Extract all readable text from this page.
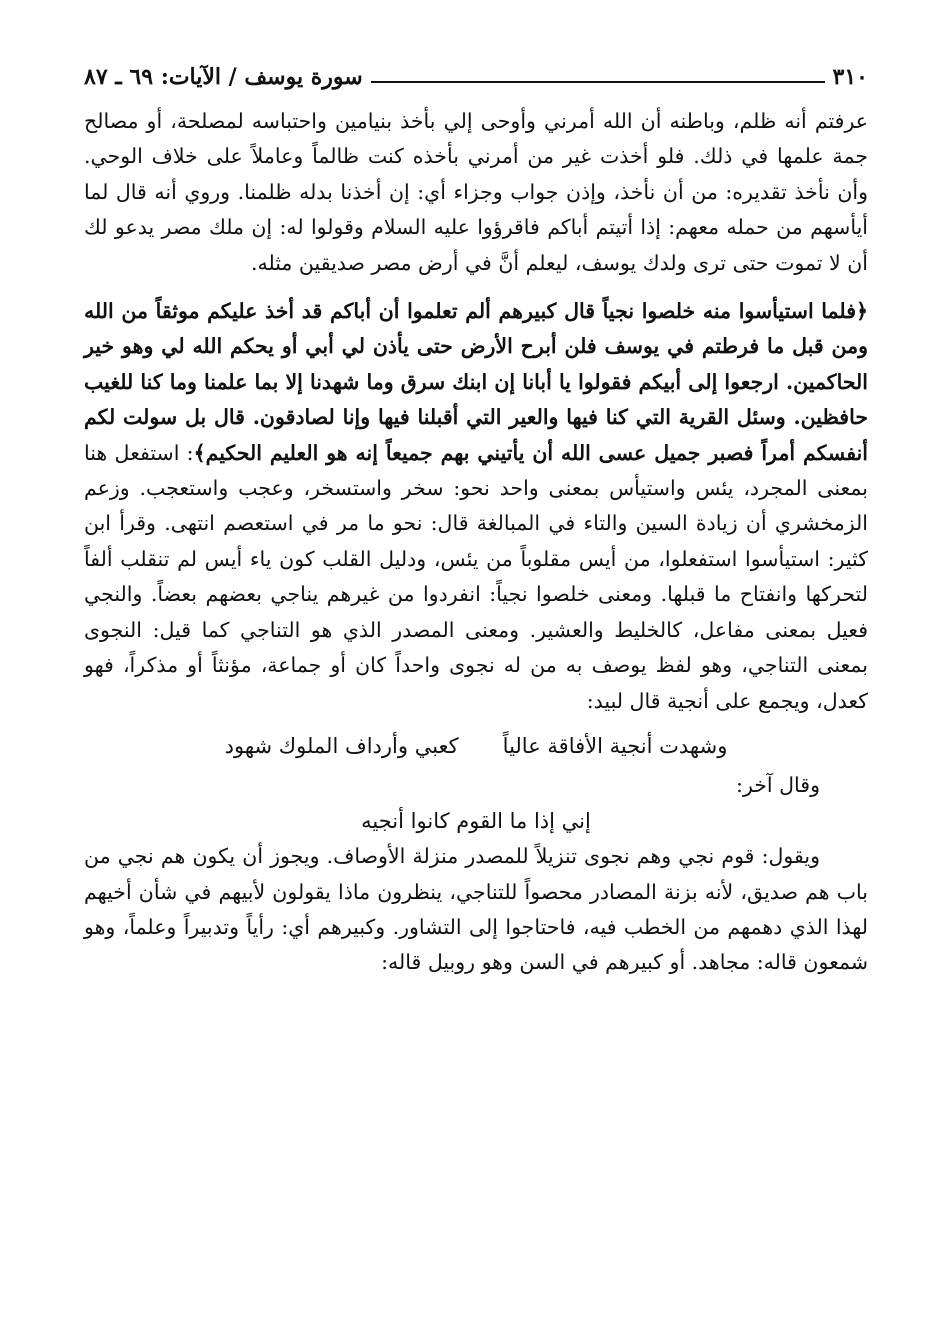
٣١٠
سورة يوسف / الآيات: ٦٩ ـ ٨٧

عرفتم أنه ظلم، وباطنه أن الله أمرني وأوحى إلي بأخذ بنيامين واحتباسه لمصلحة، أو مصالح جمة علمها في ذلك. فلو أخذت غير من أمرني بأخذه كنت ظالماً وعاملاً على خلاف الوحي. وأن نأخذ تقديره: من أن نأخذ، وإذن جواب وجزاء أي: إن أخذنا بدله ظلمنا. وروي أنه قال لما أيأسهم من حمله معهم: إذا أتيتم أباكم فاقرؤوا عليه السلام وقولوا له: إن ملك مصر يدعو لك أن لا تموت حتى ترى ولدك يوسف، ليعلم أنَّ في أرض مصر صديقين مثله.

﴿فلما استيأسوا منه خلصوا نجياً قال كبيرهم ألم تعلموا أن أباكم قد أخذ عليكم موثقاً من الله ومن قبل ما فرطتم في يوسف فلن أبرح الأرض حتى يأذن لي أبي أو يحكم الله لي وهو خير الحاكمين. ارجعوا إلى أبيكم فقولوا يا أبانا إن ابنك سرق وما شهدنا إلا بما علمنا وما كنا للغيب حافظين. وسئل القرية التي كنا فيها والعير التي أقبلنا فيها وإنا لصادقون. قال بل سولت لكم أنفسكم أمراً فصبر جميل عسى الله أن يأتيني بهم جميعاً إنه هو العليم الحكيم﴾: استفعل هنا بمعنى المجرد، يئس واستيأس بمعنى واحد نحو: سخر واستسخر، وعجب واستعجب. وزعم الزمخشري أن زيادة السين والتاء في المبالغة قال: نحو ما مر في استعصم انتهى. وقرأ ابن كثير: استيأسوا استفعلوا، من أيس مقلوباً من يئس، ودليل القلب كون ياء أيس لم تنقلب ألفاً لتحركها وانفتاح ما قبلها. ومعنى خلصوا نجياً: انفردوا من غيرهم يناجي بعضهم بعضاً. والنجي فعيل بمعنى مفاعل، كالخليط والعشير. ومعنى المصدر الذي هو التناجي كما قيل: النجوى بمعنى التناجي، وهو لفظ يوصف به من له نجوى واحداً كان أو جماعة، مؤنثاً أو مذكراً، فهو كعدل، ويجمع على أنجية قال لبيد:

وشهدت أنجية الأفاقة عالياً
كعبي وأرداف الملوك شهود

وقال آخر:

إني إذا ما القوم كانوا أنجيه

ويقول: قوم نجي وهم نجوى تنزيلاً للمصدر منزلة الأوصاف. ويجوز أن يكون هم نجي من باب هم صديق، لأنه بزنة المصادر محصواً للتناجي، ينظرون ماذا يقولون لأبيهم في شأن أخيهم لهذا الذي دهمهم من الخطب فيه، فاحتاجوا إلى التشاور. وكبيرهم أي: رأياً وتدبيراً وعلماً، وهو شمعون قاله: مجاهد. أو كبيرهم في السن وهو روبيل قاله:
